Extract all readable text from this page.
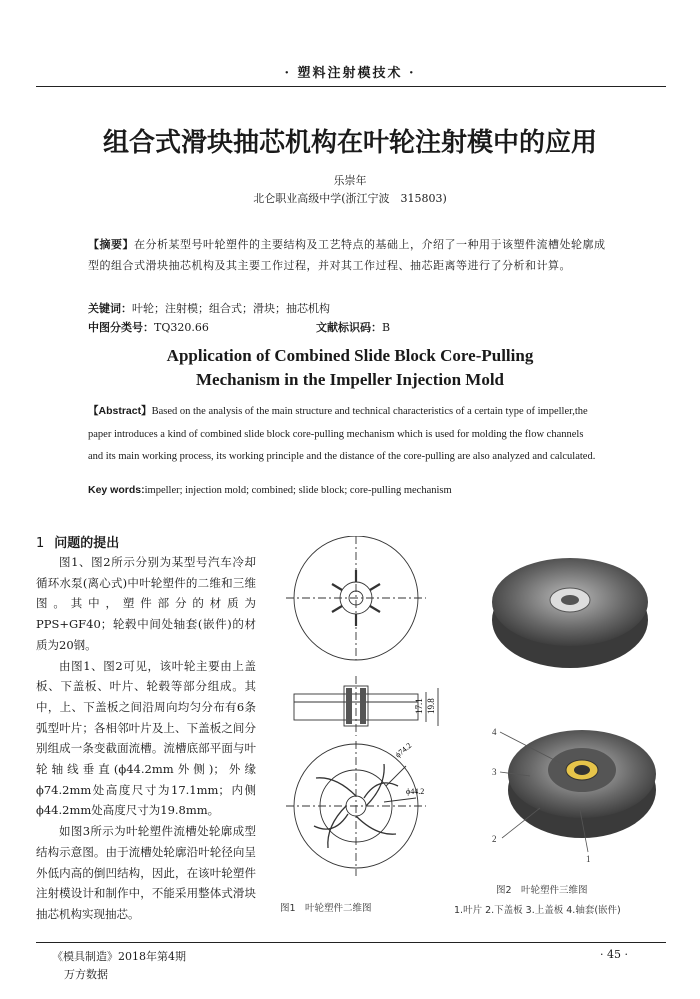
· 塑料注射模技术 ·
组合式滑块抽芯机构在叶轮注射模中的应用
乐崇年
北仑职业高级中学(浙江宁波　315803)
【摘要】在分析某型号叶轮塑件的主要结构及工艺特点的基础上，介绍了一种用于该塑件流槽处轮廓成型的组合式滑块抽芯机构及其主要工作过程，并对其工作过程、抽芯距离等进行了分析和计算。
关键词：叶轮；注射模；组合式；滑块；抽芯机构
中图分类号：TQ320.66	文献标识码：B
Application of Combined Slide Block Core-Pulling
Mechanism in the Impeller Injection Mold
【Abstract】Based on the analysis of the main structure and technical characteristics of a certain type of impeller,the paper introduces a kind of combined slide block core-pulling mechanism which is used for molding the flow channels and its main working process, its working principle and the distance of the core-pulling are also analyzed and calculated.
Key words:impeller; injection mold; combined; slide block; core-pulling mechanism
1 问题的提出

图1、图2所示分别为某型号汽车冷却循环水泵(离心式)中叶轮塑件的二维和三维图。其中，塑件部分的材质为PPS+GF40；轮毂中间处轴套(嵌件)的材质为20钢。

由图1、图2可见，该叶轮主要由上盖板、下盖板、叶片、轮毂等部分组成。其中，上、下盖板之间沿周向均匀分布有6条弧型叶片；各相邻叶片及上、下盖板之间分别组成一条变截面流槽。流槽底部平面与叶轮轴线垂直(ϕ44.2mm外侧)；外缘ϕ74.2mm处高度尺寸为17.1mm；内侧ϕ44.2mm处高度尺寸为19.8mm。

如图3所示为叶轮塑件流槽处轮廓成型结构示意图。由于流槽处轮廓沿叶轮径向呈外低内高的倒凹结构，因此，在该叶轮塑件注射模设计和制作中，不能采用整体式滑块抽芯机构实现抽芯。

17.1 19.8
ϕ74.2
ϕ44.2
4
3
2
1
图1　叶轮塑件二维图
图2　叶轮塑件三维图
1.叶片 2.下盖板 3.上盖板 4.轴套(嵌件)
《模具制造》2018年第4期
万方数据
· 45 ·
